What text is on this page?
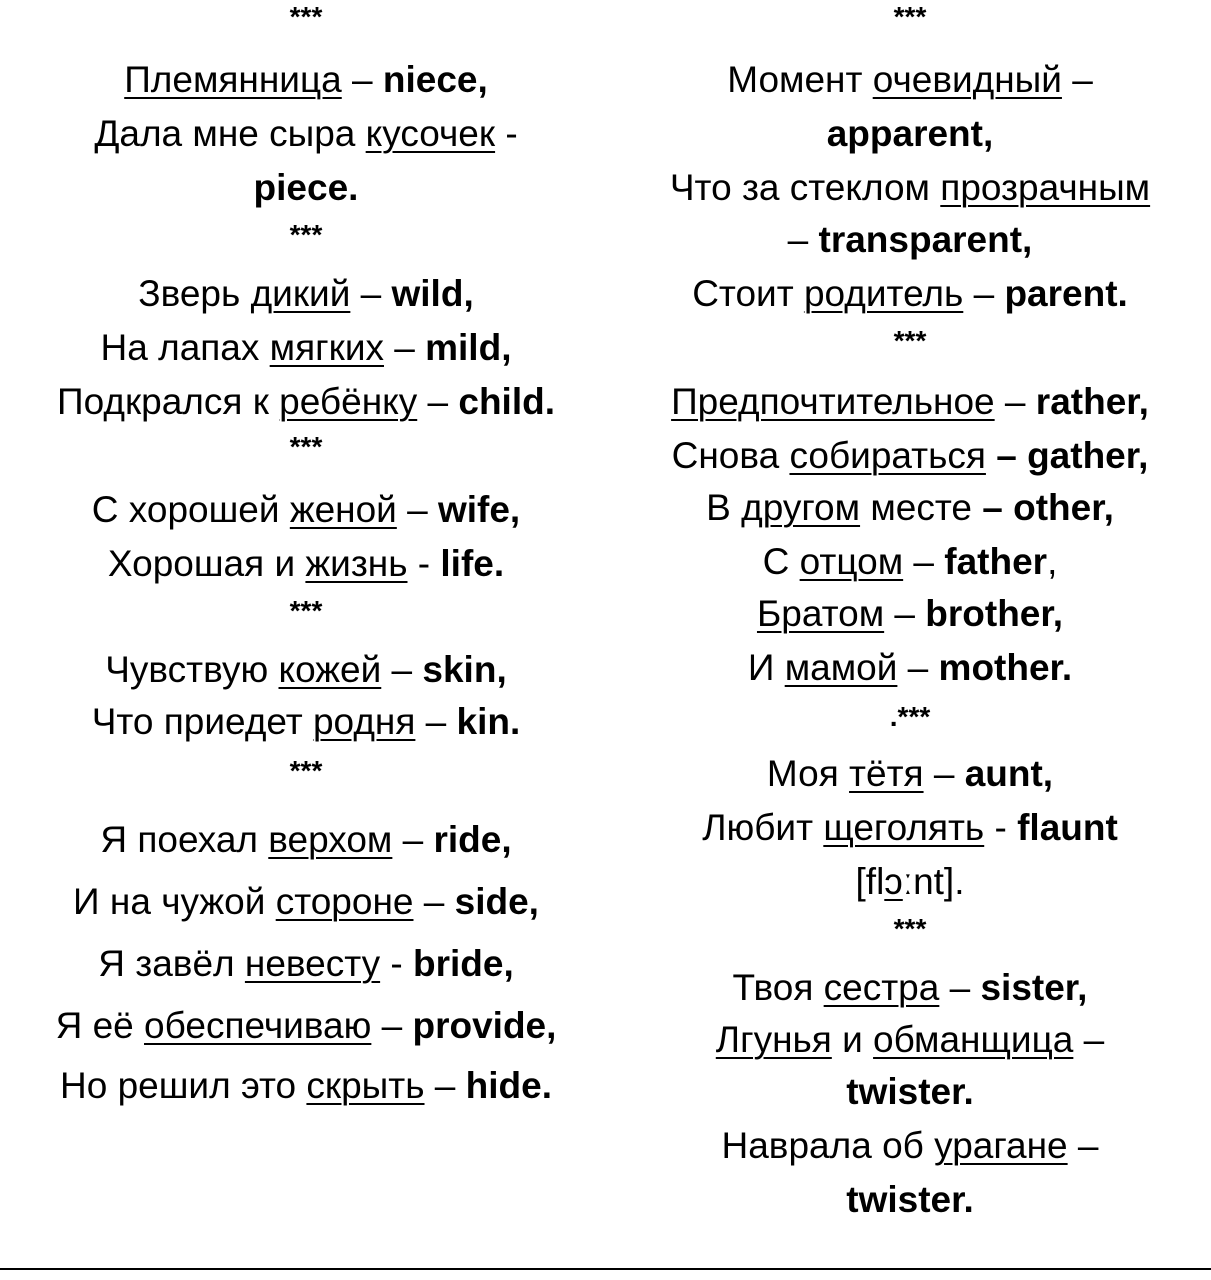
***
Племянница – niece,
Дала мне сыра кусочек -
piece.
***
Зверь дикий – wild,
На лапах мягких – mild,
Подкрался к ребёнку – child.
***
С хорошей женой – wife,
Хорошая и жизнь - life.
***
Чувствую кожей – skin,
Что приедет родня – kin.
***
Я поехал верхом – ride,
И на чужой стороне – side,
Я завёл невесту - bride,
Я её обеспечиваю – provide,
Но решил это скрыть – hide.
***
Момент очевидный –
apparent,
Что за стеклом прозрачным
– transparent,
Стоит родитель – parent.
***
Предпочтительное – rather,
Снова собираться – gather,
В другом месте – other,
С отцом – father,
Братом – brother,
И мамой – mother.
.***
Моя тётя – aunt,
Любит щеголять - flaunt
[flɔːnt].
***
Твоя сестра – sister,
Лгунья и обманщица –
twister.
Наврала об урагане –
twister.
